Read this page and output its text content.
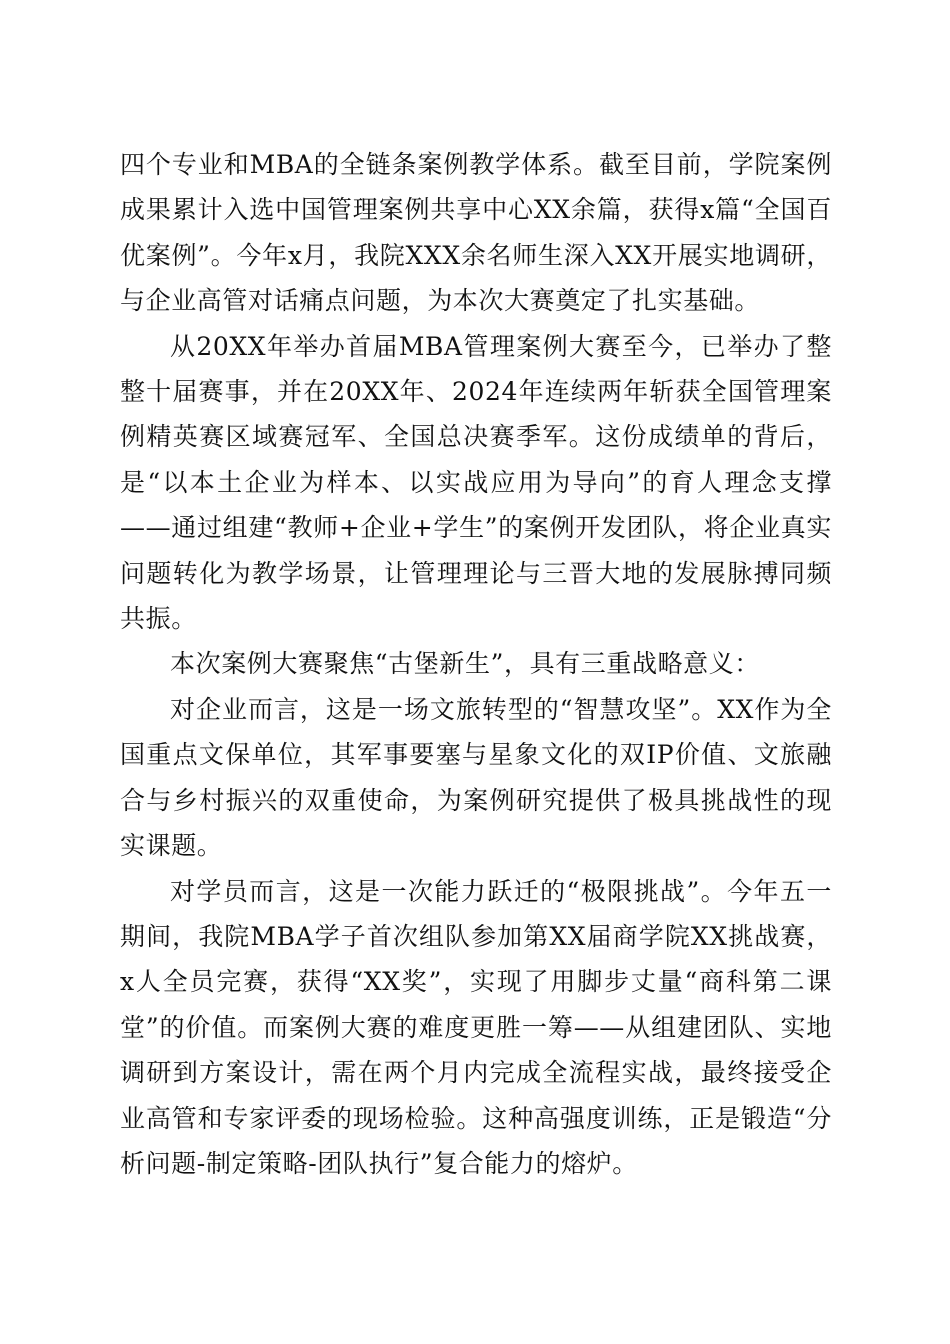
四个专业和MBA的全链条案例教学体系。截至目前，学院案例成果累计入选中国管理案例共享中心XX余篇，获得x篇“全国百优案例”。今年x月，我院XXX余名师生深入XX开展实地调研，与企业高管对话痛点问题，为本次大赛奠定了扎实基础。

从20XX年举办首届MBA管理案例大赛至今，已举办了整整十届赛事，并在20XX年、2024年连续两年斩获全国管理案例精英赛区域赛冠军、全国总决赛季军。这份成绩单的背后，是“以本土企业为样本、以实战应用为导向”的育人理念支撑——通过组建“教师+企业+学生”的案例开发团队，将企业真实问题转化为教学场景，让管理理论与三晋大地的发展脉搏同频共振。

本次案例大赛聚焦“古堡新生”，具有三重战略意义：

对企业而言，这是一场文旅转型的“智慧攻坚”。XX作为全国重点文保单位，其军事要塞与星象文化的双IP价值、文旅融合与乡村振兴的双重使命，为案例研究提供了极具挑战性的现实课题。

对学员而言，这是一次能力跃迁的“极限挑战”。今年五一期间，我院MBA学子首次组队参加第XX届商学院XX挑战赛，x人全员完赛，获得“XX奖”，实现了用脚步丈量“商科第二课堂”的价值。而案例大赛的难度更胜一筹——从组建团队、实地调研到方案设计，需在两个月内完成全流程实战，最终接受企业高管和专家评委的现场检验。这种高强度训练，正是锻造“分析问题-制定策略-团队执行”复合能力的熔炉。
